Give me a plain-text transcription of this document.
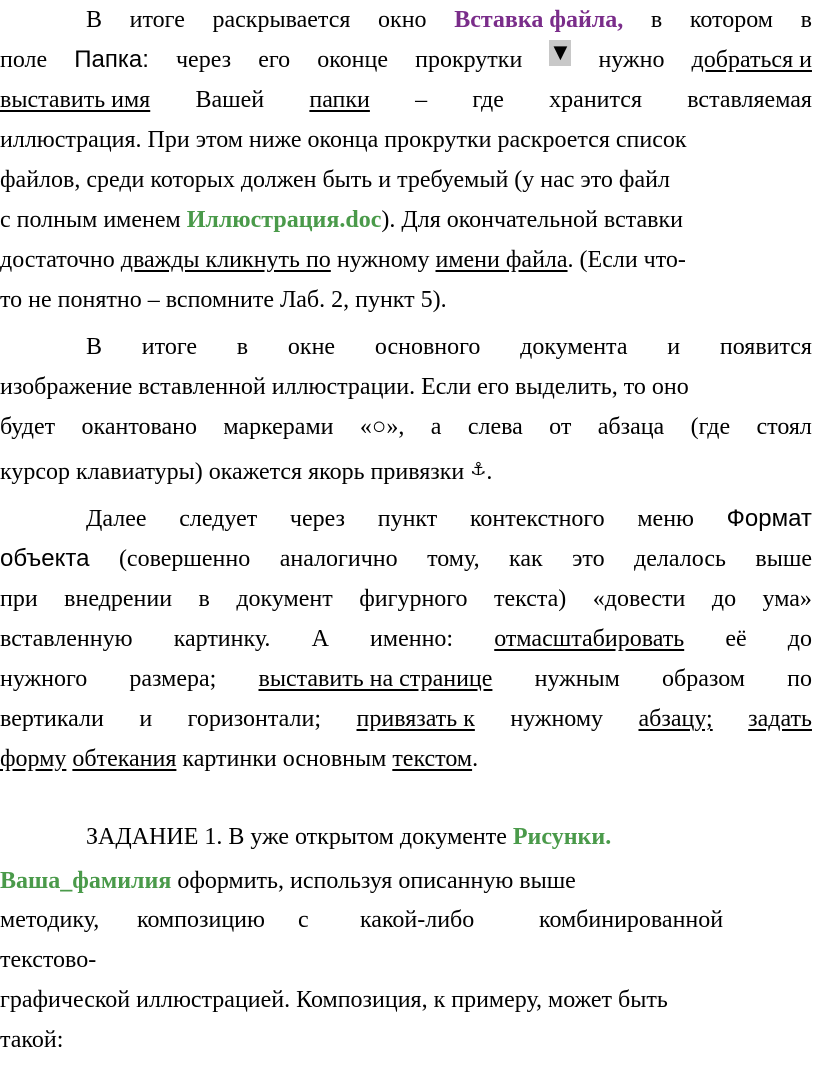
В итоге раскрывается окно Вставка файла, в котором в
поле Папка: через его оконце прокрутки ▼ нужно добраться и
выставить имя Вашей папки – где хранится вставляемая
иллюстрация. При этом ниже оконца прокрутки раскроется список
файлов, среди которых должен быть и требуемый (у нас это файл
с полным именем Иллюстрация.doc). Для окончательной вставки
достаточно дважды кликнуть по нужному имени файла. (Если что-
то не понятно – вспомните Лаб. 2, пункт 5).
В итоге в окне основного документа и появится
изображение вставленной иллюстрации. Если его выделить, то оно
будет окантовано маркерами «○», а слева от абзаца (где стоял
курсор клавиатуры) окажется якорь привязки ⚓.
Далее следует через пункт контекстного меню Формат
объекта (совершенно аналогично тому, как это делалось выше
при внедрении в документ фигурного текста) «довести до ума»
вставленную картинку. А именно: отмасштабировать её до
нужного размера; выставить на странице нужным образом по
вертикали и горизонтали; привязать к нужному абзацу; задать
форму обтекания картинки основным текстом.
ЗАДАНИЕ 1. В уже открытом документе Рисунки.
Ваша_фамилия оформить, используя описанную выше
методику, композицию с какой-либо	комбинированной
текстово-
графической иллюстрацией. Композиция, к примеру, может быть
такой:
